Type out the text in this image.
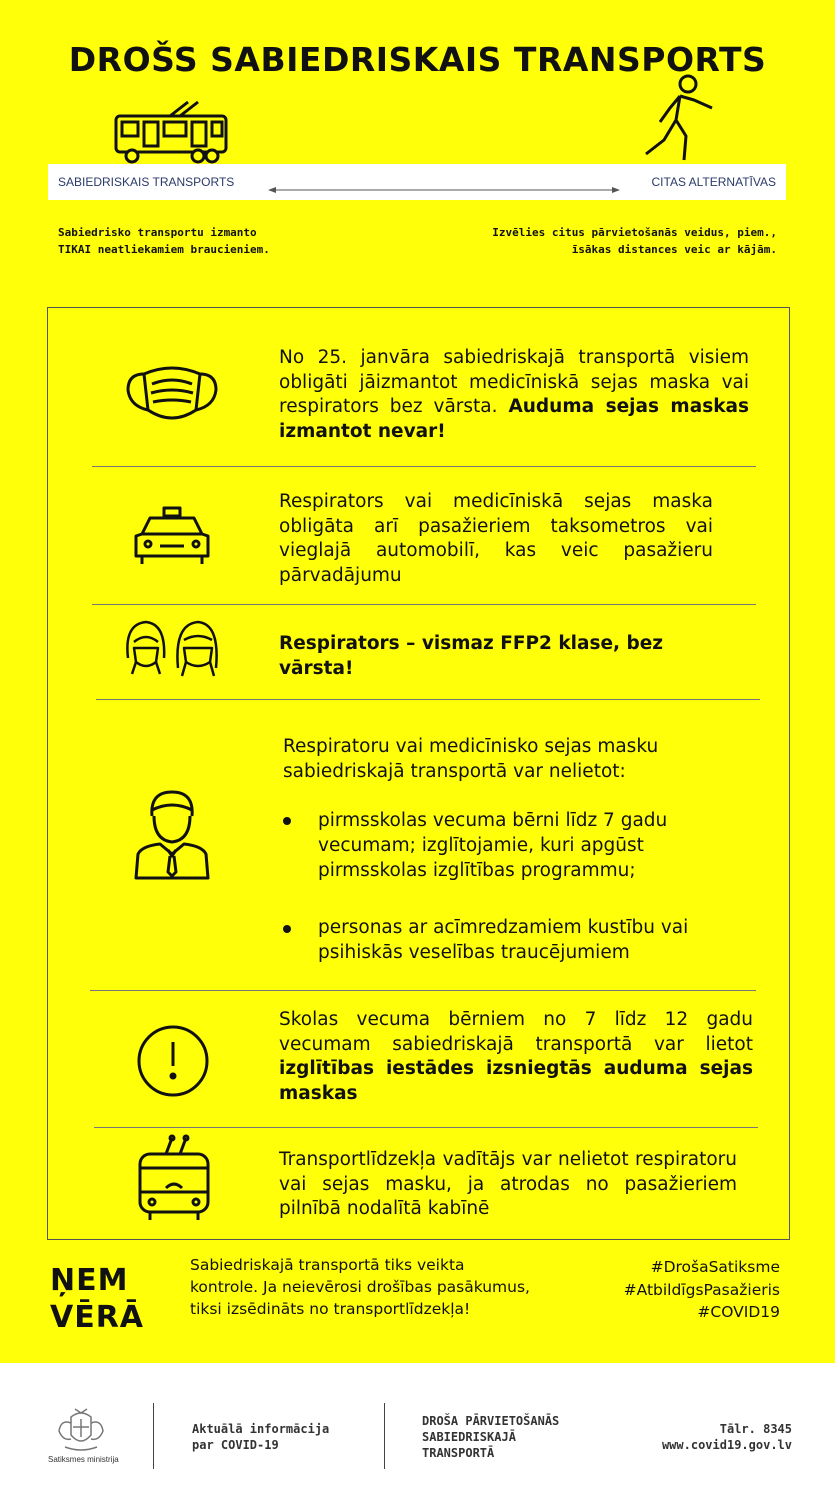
DROŠS SABIEDRISKAIS TRANSPORTS
SABIEDRISKAIS TRANSPORTS	CITAS ALTERNATĪVAS
Sabiedrisko transportu izmanto
TIKAI neatliekamiem braucieniem.
Izvēlies citus pārvietošanās veidus, piem.,
īsākas distances veic ar kājām.
No 25. janvāra sabiedriskajā transportā visiem obligāti jāizmantot medicīniskā sejas maska vai respirators bez vārsta. Auduma sejas maskas izmantot nevar!
Respirators vai medicīniskā sejas maska obligāta arī pasažieriem taksometros vai vieglajā automobilī, kas veic pasažieru pārvadājumu
Respirators – vismaz FFP2 klase, bez vārsta!
Respiratoru vai medicīnisko sejas masku sabiedriskajā transportā var nelietot:
pirmsskolas vecuma bērni līdz 7 gadu vecumam; izglītojamie, kuri apgūst pirmsskolas izglītības programmu;
personas ar acīmredzamiem kustību vai psihiskās veselības traucējumiem
Skolas vecuma bērniem no 7 līdz 12 gadu vecumam sabiedriskajā transportā var lietot izglītības iestādes izsniegtās auduma sejas maskas
Transportlīdzekļa vadītājs var nelietot respiratoru vai sejas masku, ja atrodas no pasažieriem pilnībā nodalītā kabīnē
ŅEM
VĒRĀ
Sabiedriskajā transportā tiks veikta kontrole. Ja neievērosi drošības pasākumus, tiksi izsēdināts no transportlīdzekļa!
#DrošaSatiksme
#AtbildīgsPasažieris
#COVID19
Satiksmes ministrija
Aktuālā informācija
par COVID-19
DROŠA PĀRVIETOŠANĀS
SABIEDRISKAJĀ
TRANSPORTĀ
Tālr. 8345
www.covid19.gov.lv
